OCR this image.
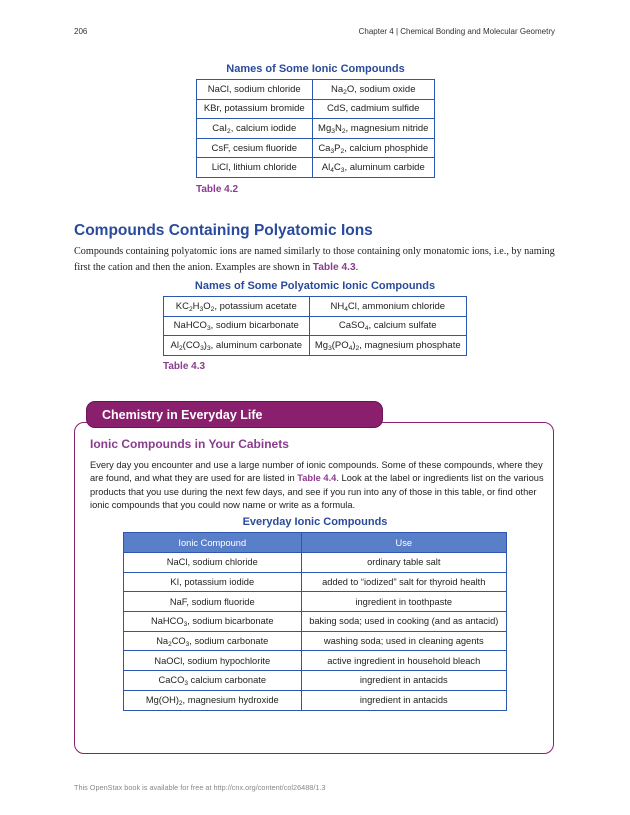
206	Chapter 4 | Chemical Bonding and Molecular Geometry
Names of Some Ionic Compounds
NaCl, sodium chloride	$Na_2O$, sodium oxide
KBr, potassium bromide	CdS, cadmium sulfide
CaI$_2$, calcium iodide	$Mg_3N_2$, magnesium nitride
CsF, cesium fluoride	$Ca_3P_2$, calcium phosphide
LiCl, lithium chloride	$Al_4C_3$, aluminum carbide
Table 4.2
Compounds Containing Polyatomic Ions
Compounds containing polyatomic ions are named similarly to those containing only monatomic ions, i.e., by naming first the cation and then the anion. Examples are shown in Table 4.3.
Names of Some Polyatomic Ionic Compounds
$KC_2H_3O_2$, potassium acetate	$NH_4Cl$, ammonium chloride
NaHCO$_3$, sodium bicarbonate	CaSO$_4$, calcium sulfate
$Al_2(CO_3)_3$, aluminum carbonate	$Mg_3(PO_4)_2$, magnesium phosphate
Table 4.3
Chemistry in Everyday Life
Ionic Compounds in Your Cabinets
Every day you encounter and use a large number of ionic compounds. Some of these compounds, where they are found, and what they are used for are listed in Table 4.4. Look at the label or ingredients list on the various products that you use during the next few days, and see if you run into any of those in this table, or find other ionic compounds that you could now name or write as a formula.
Everyday Ionic Compounds
Ionic Compound	Use
NaCl, sodium chloride	ordinary table salt
KI, potassium iodide	added to “iodized” salt for thyroid health
NaF, sodium fluoride	ingredient in toothpaste
NaHCO$_3$, sodium bicarbonate	baking soda; used in cooking (and as antacid)
$Na_2CO_3$, sodium carbonate	washing soda; used in cleaning agents
NaOCl, sodium hypochlorite	active ingredient in household bleach
CaCO$_3$ calcium carbonate	ingredient in antacids
$Mg(OH)_2$, magnesium hydroxide	ingredient in antacids
This OpenStax book is available for free at http://cnx.org/content/col26488/1.3
